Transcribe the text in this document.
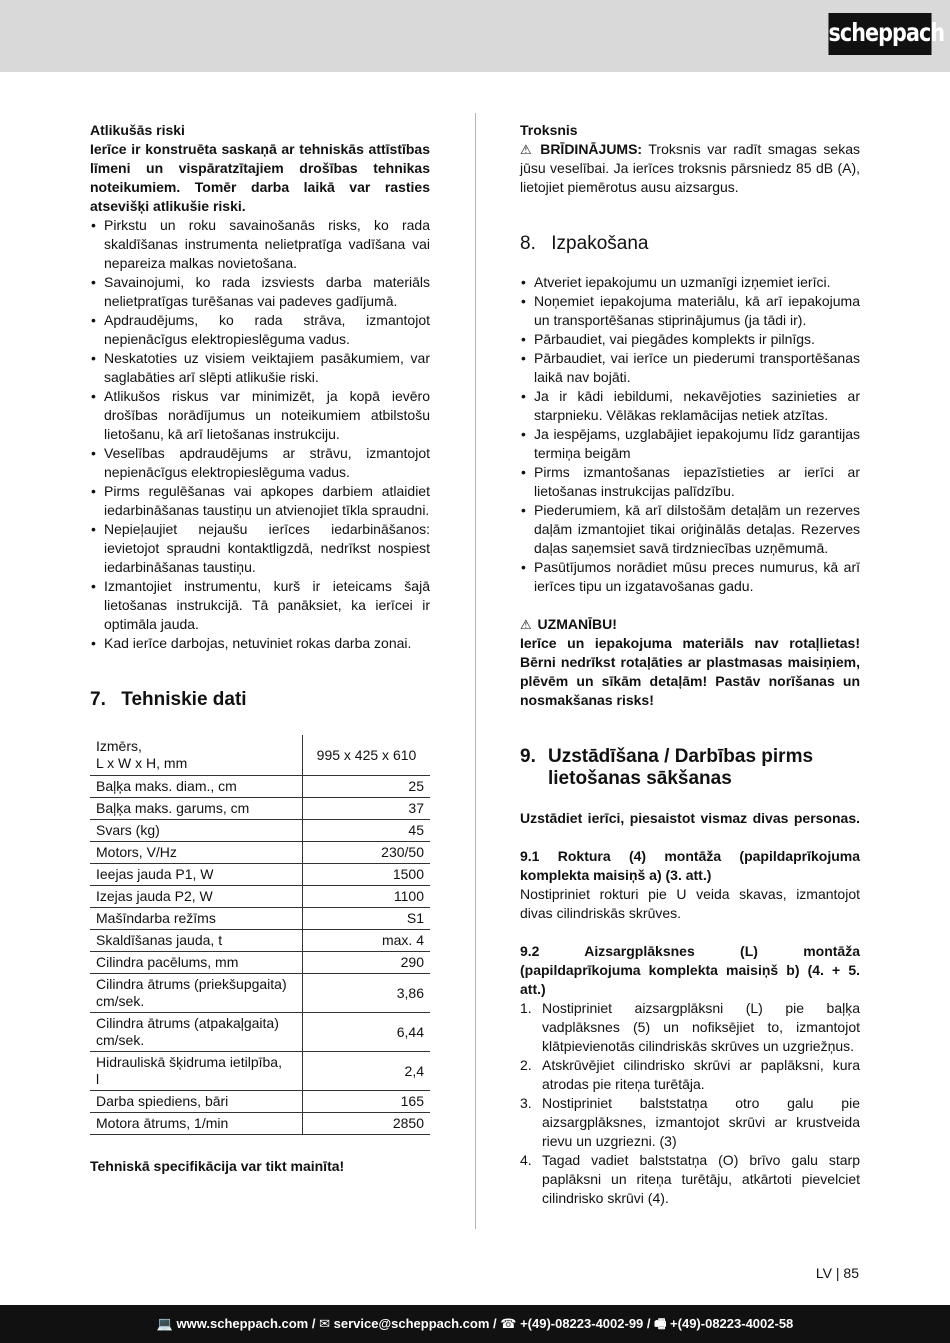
scheppach

Atlikušās riski

Ierīce ir konstruēta saskaņā ar tehniskās attīstības līmeni un vispāratzītajiem drošības tehnikas noteikumiem. Tomēr darba laikā var rasties atsevišķi atlikušie riski.

• Pirkstu un roku savainošanās risks, ko rada skaldīšanas instrumenta nelietpratīga vadīšana vai nepareiza malkas novietošana.
• Savainojumi, ko rada izsviests darba materiāls nelietpratīgas turēšanas vai padeves gadījumā.
• Apdraudējums, ko rada strāva, izmantojot nepienācīgus elektropieslēguma vadus.
• Neskatoties uz visiem veiktajiem pasākumiem, var saglabāties arī slēpti atlikušie riski.
• Atlikušos riskus var minimizēt, ja kopā ievēro drošības norādījumus un noteikumiem atbilstošu lietošanu, kā arī lietošanas instrukciju.
• Veselības apdraudējums ar strāvu, izmantojot nepienācīgus elektropieslēguma vadus.
• Pirms regulēšanas vai apkopes darbiem atlaidiet iedarbināšanas taustiņu un atvienojiet tīkla spraudni.
• Nepieļaujiet nejaušu ierīces iedarbināšanos: ievietojot spraudni kontaktligzdā, nedrīkst nospiest iedarbināšanas taustiņu.
• Izmantojiet instrumentu, kurš ir ieteicams šajā lietošanas instrukcijā. Tā panāksiet, ka ierīcei ir optimāla jauda.
• Kad ierīce darbojas, netuviniet rokas darba zonai.
7. Tehniskie dati
Izmērs,
L x W x H, mm	995 x 425 x 610
Baļķa maks. diam., cm	25
Baļķa maks. garums, cm	37
Svars (kg)	45
Motors, V/Hz	230/50
Ieejas jauda P1, W	1500
Izejas jauda P2, W	1100
Mašīndarba režīms	S1
Skaldīšanas jauda, t	max. 4
Cilindra pacēlums, mm	290
Cilindra ātrums (priekšupgaita)
cm/sek.	3,86
Cilindra ātrums (atpakaļgaita)
cm/sek.	6,44
Hidrauliskā šķidruma ietilpība,
l	2,4
Darba spiediens, bāri	165
Motora ātrums, 1/min	2850

Tehniskā specifikācija var tikt mainīta!

Troksnis

⚠ BRĪDINĀJUMS: Troksnis var radīt smagas sekas jūsu veselībai. Ja ierīces troksnis pārsniedz 85 dB (A), lietojiet piemērotus ausu aizsargus.

8. Izpakošana
• Atveriet iepakojumu un uzmanīgi izņemiet ierīci.
• Noņemiet iepakojuma materiālu, kā arī iepakojuma un transportēšanas stiprinājumus (ja tādi ir).
• Pārbaudiet, vai piegādes komplekts ir pilnīgs.
• Pārbaudiet, vai ierīce un piederumi transportēšanas laikā nav bojāti.
• Ja ir kādi iebildumi, nekavējoties sazinieties ar starpnieku. Vēlākas reklamācijas netiek atzītas.
• Ja iespējams, uzglabājiet iepakojumu līdz garantijas termiņa beigām
• Pirms izmantošanas iepazīstieties ar ierīci ar lietošanas instrukcijas palīdzību.
• Piederumiem, kā arī dilstošām detaļām un rezerves daļām izmantojiet tikai oriģinālās detaļas. Rezerves daļas saņemsiet savā tirdzniecības uzņēmumā.
• Pasūtījumos norādiet mūsu preces numurus, kā arī ierīces tipu un izgatavošanas gadu.

⚠ UZMANĪBU!

Ierīce un iepakojuma materiāls nav rotaļlietas! Bērni nedrīkst rotaļāties ar plastmasas maisiņiem, plēvēm un sīkām detaļām! Pastāv norīšanas un nosmakšanas risks!

9. Uzstādīšana / Darbības pirms lietošanas sākšanas

Uzstādiet ierīci, piesaistot vismaz divas personas.

9.1 Roktura (4) montāža (papildaprīkojuma komplekta maisiņš a) (3. att.)

Nostipriniet rokturi pie U veida skavas, izmantojot divas cilindriskās skrūves.

9.2 Aizsargplāksnes (L) montāža (papildaprīkojuma komplekta maisiņš b) (4. + 5. att.)

1. Nostipriniet aizsargplāksni (L) pie baļķa vadplāksnes (5) un nofiksējiet to, izmantojot klātpievienotās cilindriskās skrūves un uzgriežņus.
2. Atskrūvējiet cilindrisko skrūvi ar paplāksni, kura atrodas pie riteņa turētāja.
3. Nostipriniet balststatņa otro galu pie aizsargplāksnes, izmantojot skrūvi ar krustveida rievu un uzgriezni. (3)
4. Tagad vadiet balststatņa (O) brīvo galu starp paplāksni un riteņa turētāju, atkārtoti pievelciet cilindrisko skrūvi (4).
LV | 85
💻 www.scheppach.com / ✉ service@scheppach.com / ☎ +(49)-08223-4002-99 / 🖷 +(49)-08223-4002-58
